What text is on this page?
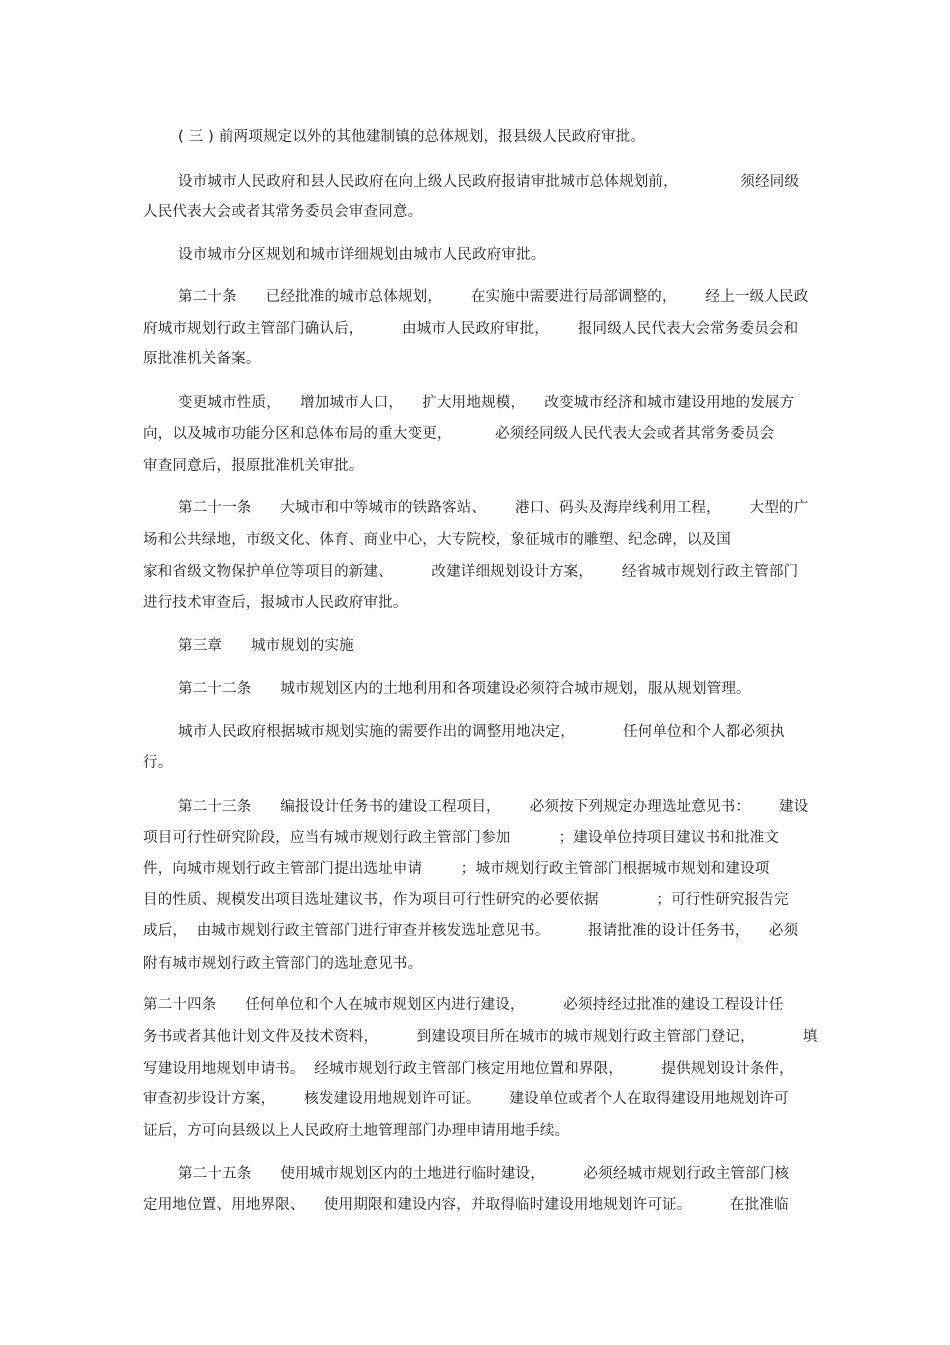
( 三 ) 前两项规定以外的其他建制镇的总体规划，报县级人民政府审批。
设市城市人民政府和县人民政府在向上级人民政府报请审批城市总体规划前，             须经同级
人民代表大会或者其常务委员会审查同意。
设市城市分区规划和城市详细规划由城市人民政府审批。
第二十条      已经批准的城市总体规划，      在实施中需要进行局部调整的，      经上一级人民政
府城市规划行政主管部门确认后，        由城市人民政府审批，      报同级人民代表大会常务委员会和
原批准机关备案。
变更城市性质，    增加城市人口，    扩大用地规模，    改变城市经济和城市建设用地的发展方
向，以及城市功能分区和总体布局的重大变更，         必须经同级人民代表大会或者其常务委员会
审查同意后，报原批准机关审批。
第二十一条      大城市和中等城市的铁路客站、      港口、码头及海岸线利用工程，      大型的广
场和公共绿地，市级文化、体育、商业中心，大专院校，象征城市的雕塑、纪念碑，以及国
家和省级文物保护单位等项目的新建、        改建详细规划设计方案，      经省城市规划行政主管部门
进行技术审查后，报城市人民政府审批。
第三章      城市规划的实施
第二十二条      城市规划区内的土地利用和各项建设必须符合城市规划，服从规划管理。
城市人民政府根据城市规划实施的需要作出的调整用地决定，          任何单位和个人都必须执
行。
第二十三条      编报设计任务书的建设工程项目，      必须按下列规定办理选址意见书：      建设
项目可行性研究阶段，应当有城市规划行政主管部门参加          ；建设单位持项目建议书和批准文
件，向城市规划行政主管部门提出选址申请        ；城市规划行政主管部门根据城市规划和建设项
目的性质、规模发出项目选址建议书，作为项目可行性研究的必要依据            ；可行性研究报告完
成后，  由城市规划行政主管部门进行审查并核发选址意见书。        报请批准的设计任务书，    必须
附有城市规划行政主管部门的选址意见书。
第二十四条      任何单位和个人在城市规划区内进行建设，        必须持经过批准的建设工程设计任
务书或者其他计划文件及技术资料，        到建设项目所在城市的城市规划行政主管部门登记，          填
写建设用地规划申请书。  经城市规划行政主管部门核定用地位置和界限，        提供规划设计条件，
审查初步设计方案，      核发建设用地规划许可证。      建设单位或者个人在取得建设用地规划许可
证后，方可向县级以上人民政府土地管理部门办理申请用地手续。
第二十五条      使用城市规划区内的土地进行临时建设，        必须经城市规划行政主管部门核
定用地位置、用地界限、    使用期限和建设内容，并取得临时建设用地规划许可证。        在批准临
